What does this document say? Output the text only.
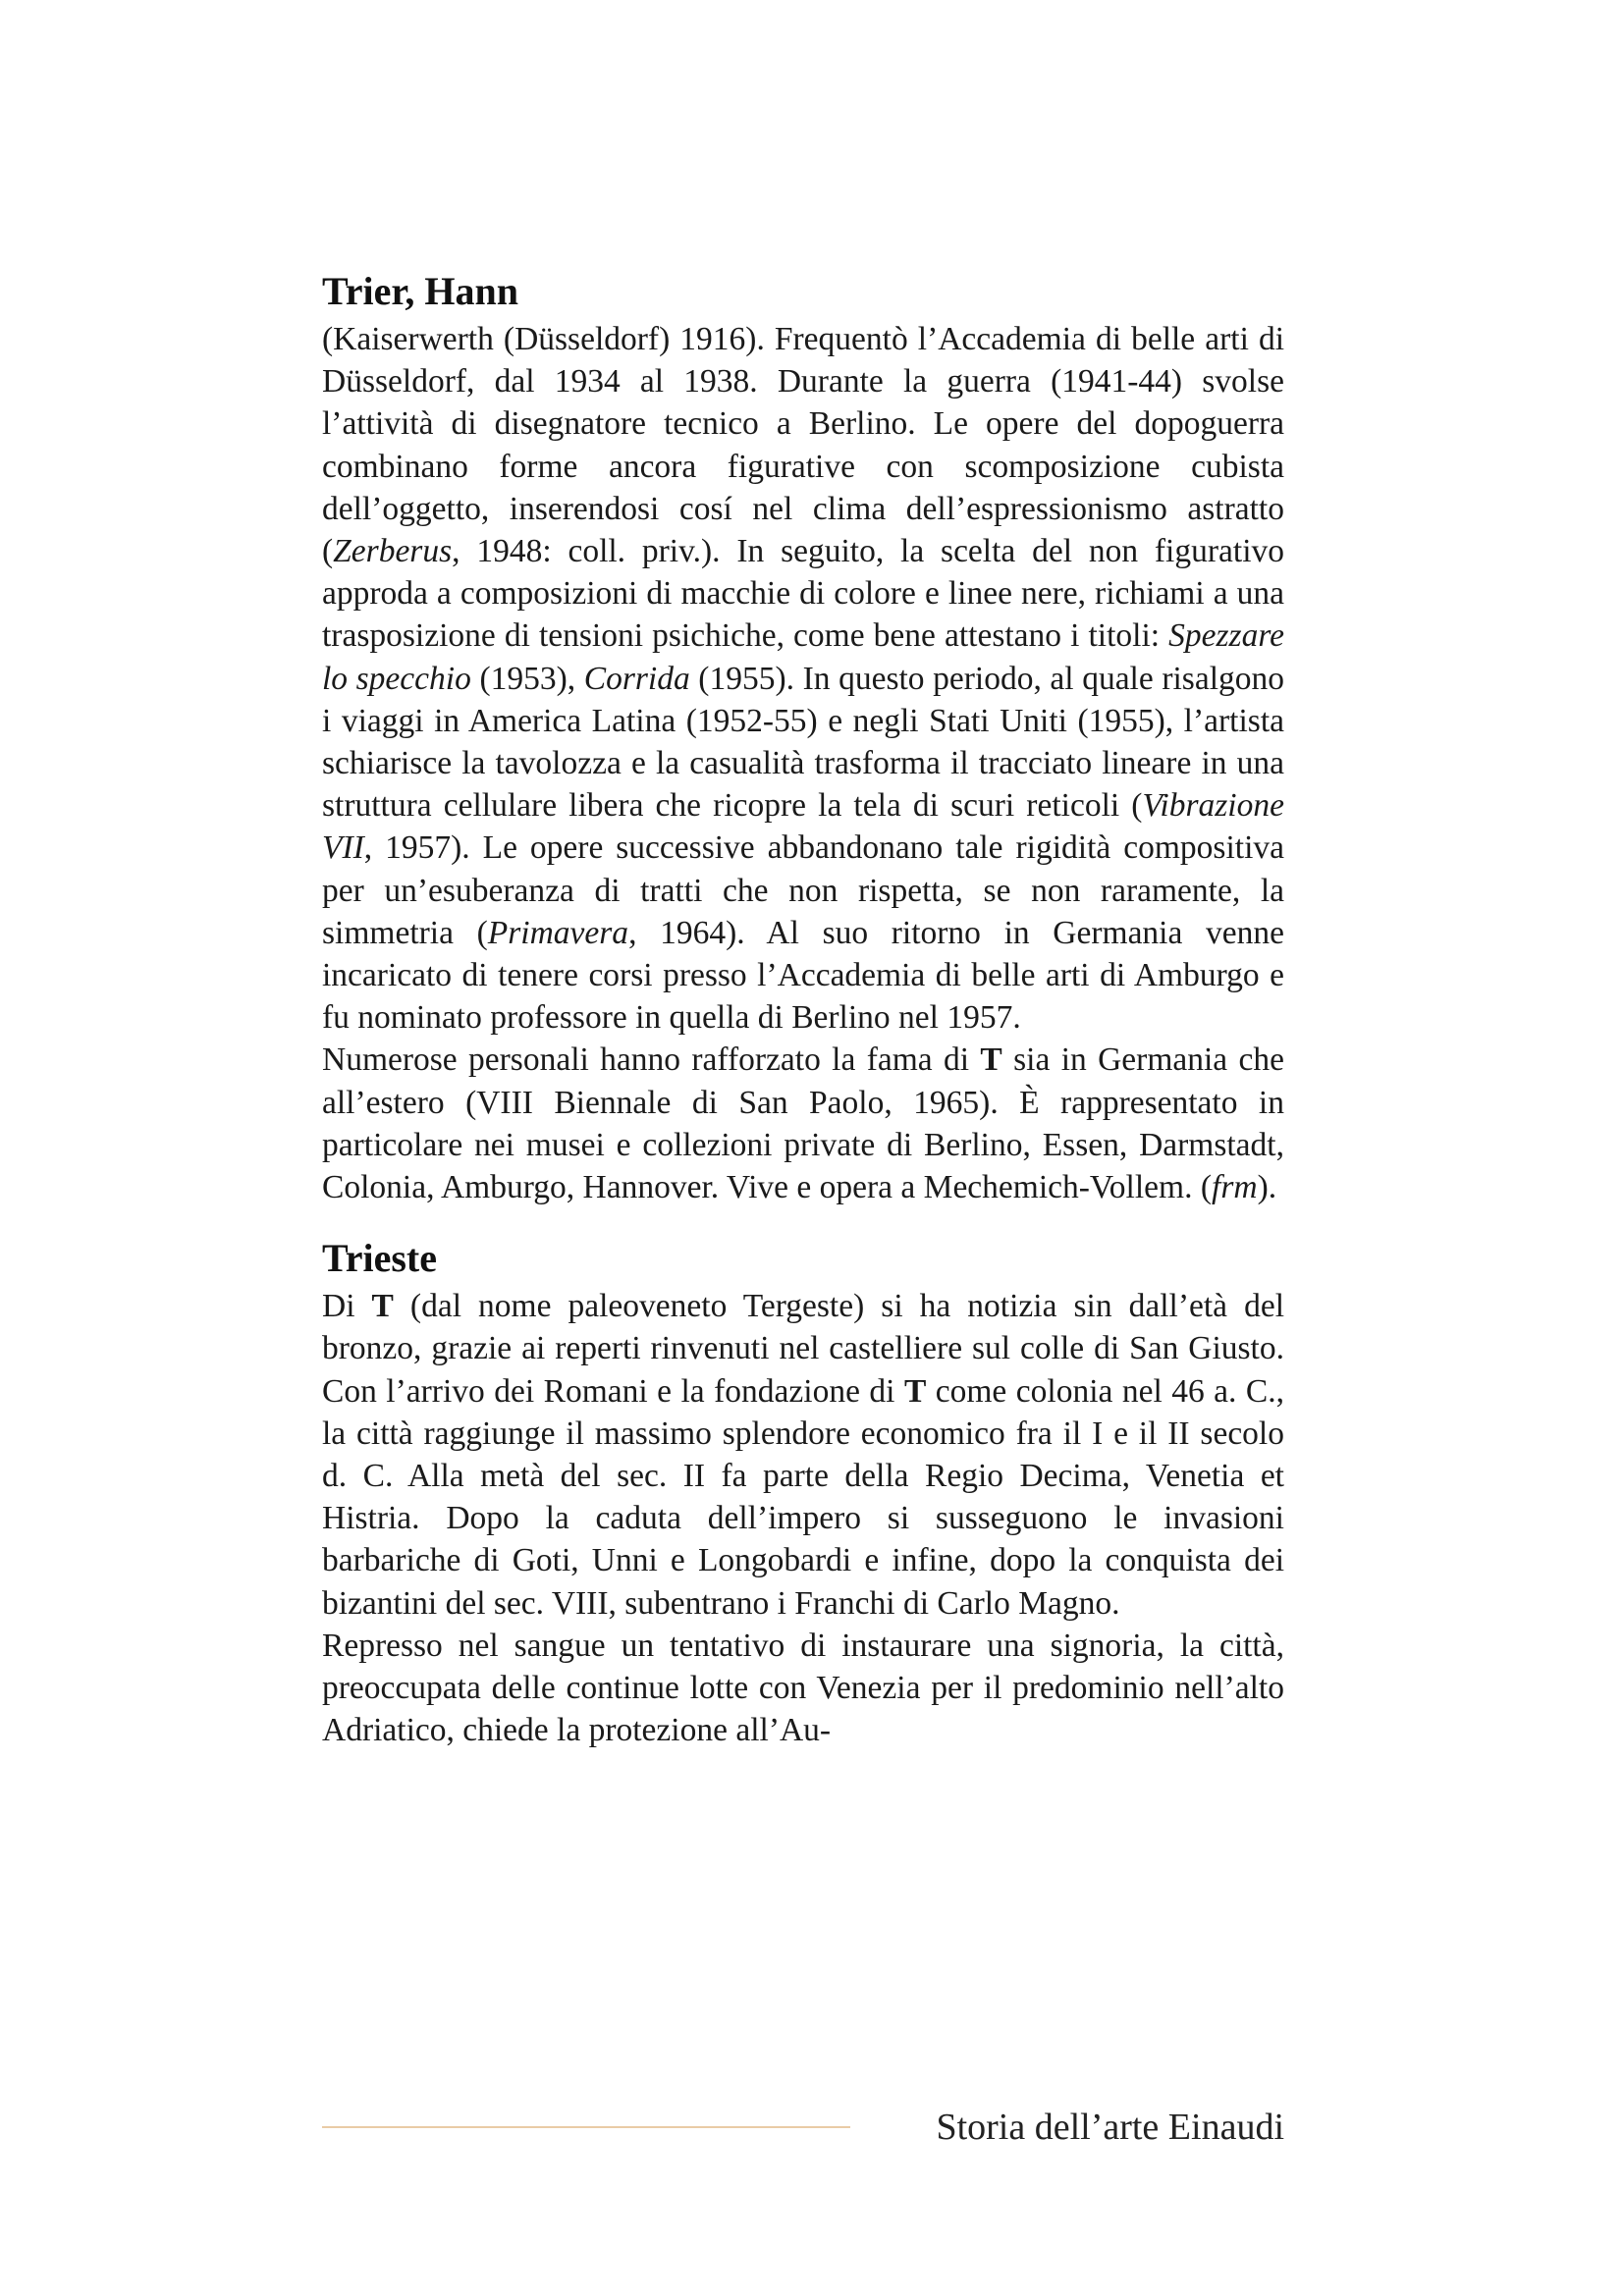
Trier, Hann

(Kaiserwerth (Düsseldorf) 1916). Frequentò l’Accademia di belle arti di Düsseldorf, dal 1934 al 1938. Durante la guerra (1941-44) svolse l’attività di disegnatore tecnico a Berlino. Le opere del dopoguerra combinano forme ancora figurative con scomposizione cubista dell’oggetto, inserendosi cosí nel clima dell’espressionismo astratto (Zerberus, 1948: coll. priv.). In seguito, la scelta del non figurativo approda a composizioni di macchie di colore e linee nere, richiami a una trasposizione di tensioni psichiche, come bene attestano i titoli: Spezzare lo specchio (1953), Corrida (1955). In questo periodo, al quale risalgono i viaggi in America Latina (1952-55) e negli Stati Uniti (1955), l’artista schiarisce la tavolozza e la casualità trasforma il tracciato lineare in una struttura cellulare libera che ricopre la tela di scuri reticoli (Vibrazione VII, 1957). Le opere successive abbandonano tale rigidità compositiva per un’esuberanza di tratti che non rispetta, se non raramente, la simmetria (Primavera, 1964). Al suo ritorno in Germania venne incaricato di tenere corsi presso l’Accademia di belle arti di Amburgo e fu nominato professore in quella di Berlino nel 1957.

Numerose personali hanno rafforzato la fama di T sia in Germania che all’estero (VIII Biennale di San Paolo, 1965). È rappresentato in particolare nei musei e collezioni private di Berlino, Essen, Darmstadt, Colonia, Amburgo, Hannover. Vive e opera a Mechemich-Vollem. (frm).

Trieste

Di T (dal nome paleoveneto Tergeste) si ha notizia sin dall’età del bronzo, grazie ai reperti rinvenuti nel castelliere sul colle di San Giusto. Con l’arrivo dei Romani e la fondazione di T come colonia nel 46 a. C., la città raggiunge il massimo splendore economico fra il I e il II secolo d. C. Alla metà del sec. II fa parte della Regio Decima, Venetia et Histria. Dopo la caduta dell’impero si susseguono le invasioni barbariche di Goti, Unni e Longobardi e infine, dopo la conquista dei bizantini del sec. VIII, subentrano i Franchi di Carlo Magno.

Represso nel sangue un tentativo di instaurare una signoria, la città, preoccupata delle continue lotte con Venezia per il predominio nell’alto Adriatico, chiede la protezione all’Au-

Storia dell’arte Einaudi
